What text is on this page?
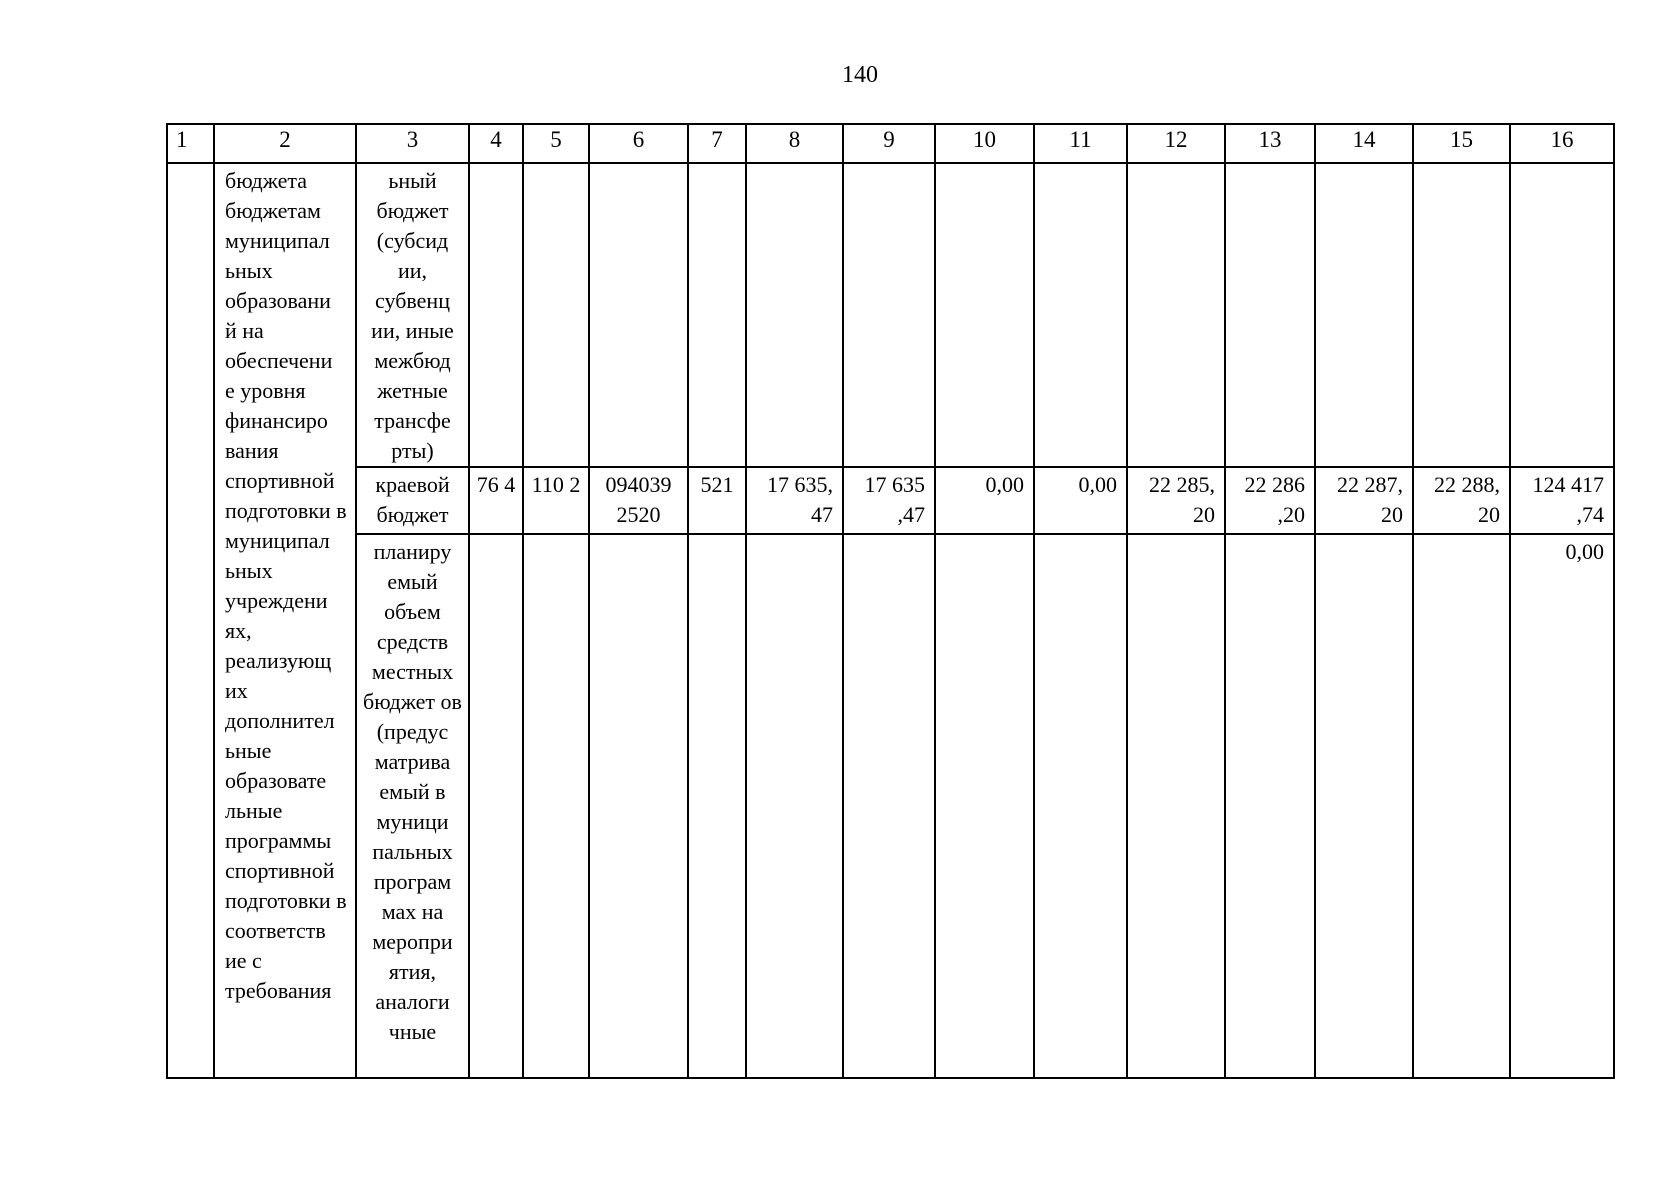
140
1	2	3	4	5	6	7	8	9	10	11	12	13	14	15	16
	бюджета бюджетам муниципал ьных образовани й на обеспечени е уровня финансиро вания спортивной подготовки в муниципал ьных учреждени ях, реализующ их дополнител ьные образовате льные программы спортивной подготовки в соответств ие с требования	ьный бюджет (субсид ии, субвенц ии, иные межбюд жетные трансфе рты)													
		краевой бюджет	76 4	110 2	094039 2520	521	17 635, 47	17 635 ,47	0,00	0,00	22 285, 20	22 286 ,20	22 287, 20	22 288, 20	124 417 ,74
		планиру емый объем средств местных бюджет ов (предус матрива емый в муници пальных програм мах на меропри ятия, аналоги чные													0,00
